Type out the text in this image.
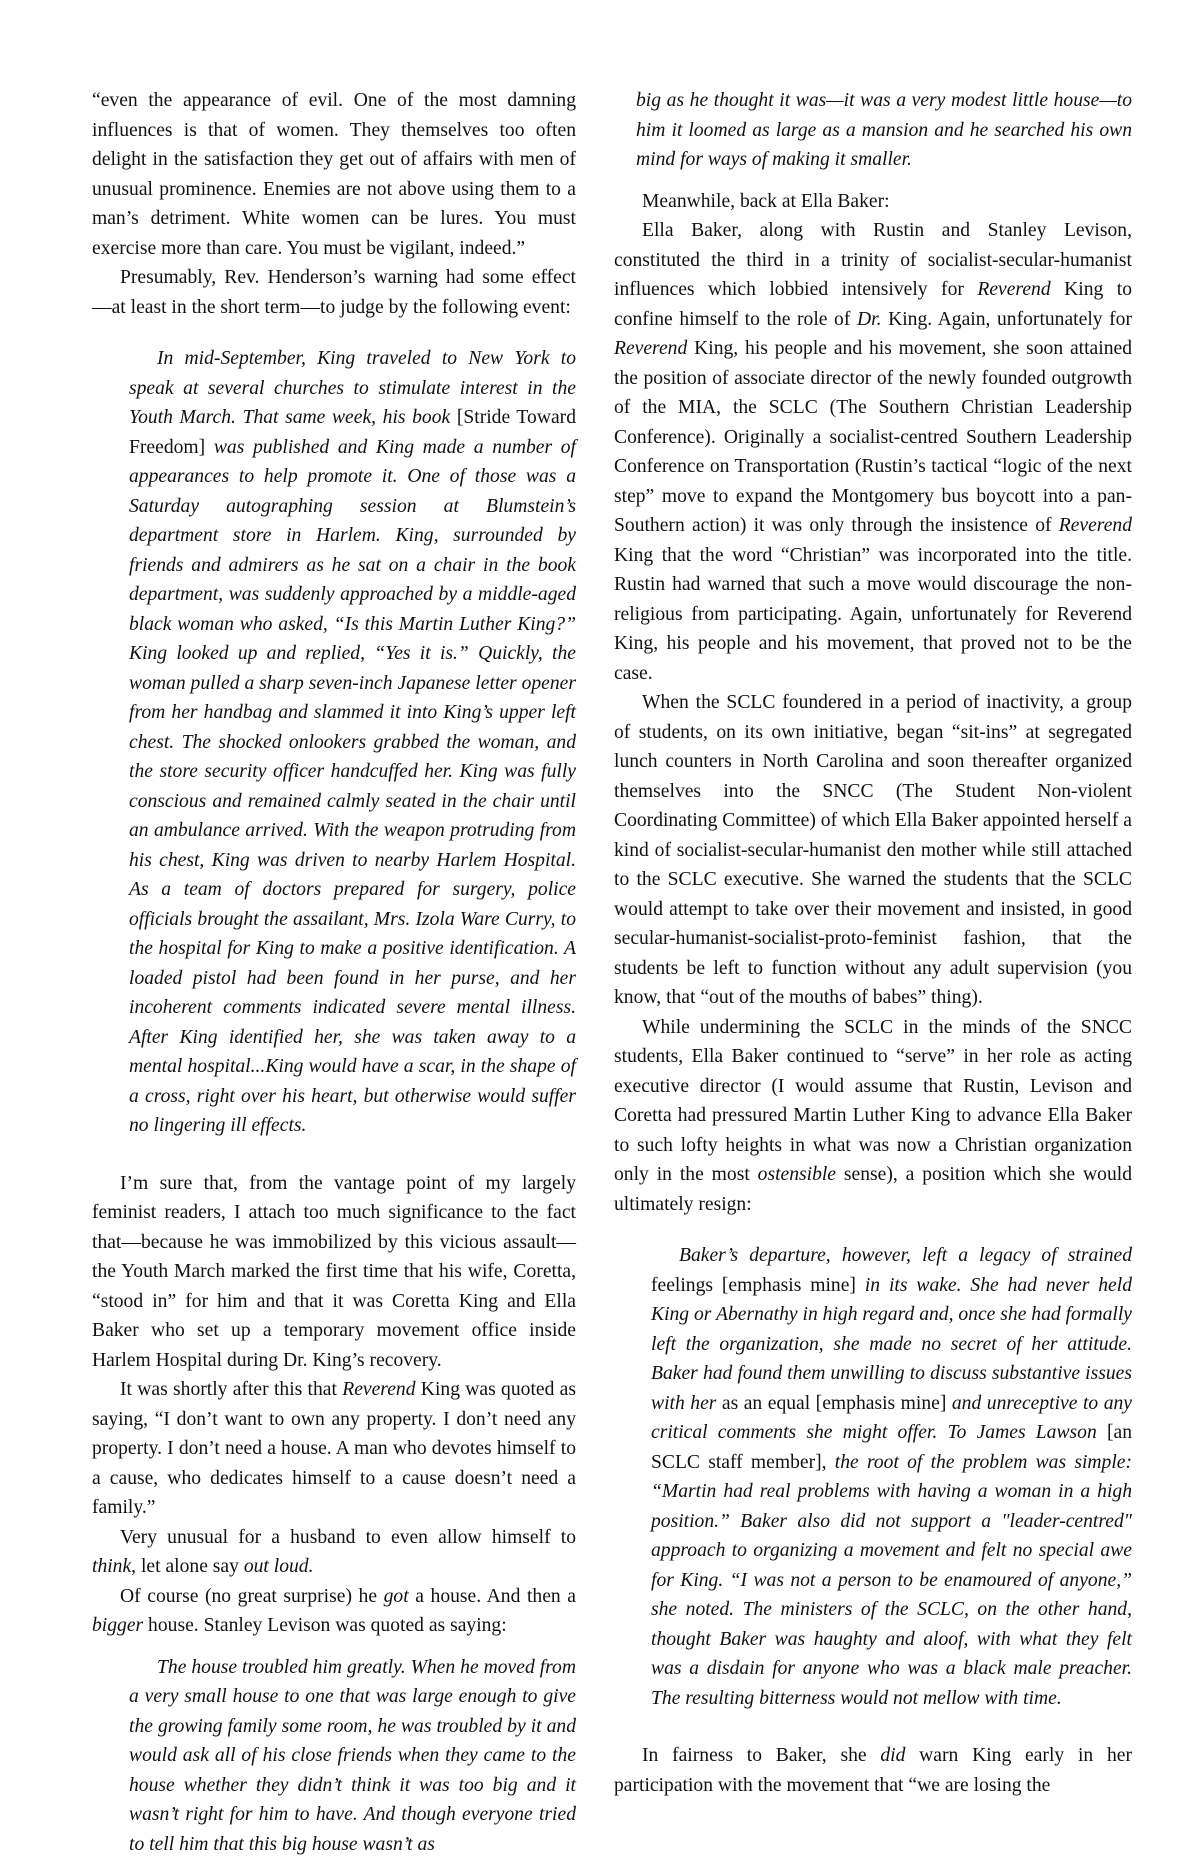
“even the appearance of evil. One of the most damning influences is that of women. They themselves too often delight in the satisfaction they get out of affairs with men of unusual prominence. Enemies are not above using them to a man’s detriment. White women can be lures. You must exercise more than care. You must be vigilant, indeed.”

Presumably, Rev. Henderson’s warning had some effect—at least in the short term—to judge by the following event:

In mid-September, King traveled to New York to speak at several churches to stimulate interest in the Youth March. That same week, his book [Stride Toward Freedom] was published and King made a number of appearances to help promote it. One of those was a Saturday autographing session at Blumstein’s department store in Harlem. King, surrounded by friends and admirers as he sat on a chair in the book department, was suddenly approached by a middle-aged black woman who asked, “Is this Martin Luther King?” King looked up and replied, “Yes it is.” Quickly, the woman pulled a sharp seven-inch Japanese letter opener from her handbag and slammed it into King’s upper left chest. The shocked onlookers grabbed the woman, and the store security officer handcuffed her. King was fully conscious and remained calmly seated in the chair until an ambulance arrived. With the weapon protruding from his chest, King was driven to nearby Harlem Hospital. As a team of doctors prepared for surgery, police officials brought the assailant, Mrs. Izola Ware Curry, to the hospital for King to make a positive identification. A loaded pistol had been found in her purse, and her incoherent comments indicated severe mental illness. After King identified her, she was taken away to a mental hospital...King would have a scar, in the shape of a cross, right over his heart, but otherwise would suffer no lingering ill effects.

I’m sure that, from the vantage point of my largely feminist readers, I attach too much significance to the fact that—because he was immobilized by this vicious assault—the Youth March marked the first time that his wife, Coretta, “stood in” for him and that it was Coretta King and Ella Baker who set up a temporary movement office inside Harlem Hospital during Dr. King’s recovery.

It was shortly after this that Reverend King was quoted as saying, “I don’t want to own any property. I don’t need any property. I don’t need a house. A man who devotes himself to a cause, who dedicates himself to a cause doesn’t need a family.”

Very unusual for a husband to even allow himself to think, let alone say out loud.

Of course (no great surprise) he got a house. And then a bigger house. Stanley Levison was quoted as saying:

The house troubled him greatly. When he moved from a very small house to one that was large enough to give the growing family some room, he was troubled by it and would ask all of his close friends when they came to the house whether they didn’t think it was too big and it wasn’t right for him to have. And though everyone tried to tell him that this big house wasn’t as

big as he thought it was—it was a very modest little house—to him it loomed as large as a mansion and he searched his own mind for ways of making it smaller.

Meanwhile, back at Ella Baker:

Ella Baker, along with Rustin and Stanley Levison, constituted the third in a trinity of socialist-secular-humanist influences which lobbied intensively for Reverend King to confine himself to the role of Dr. King. Again, unfortunately for Reverend King, his people and his movement, she soon attained the position of associate director of the newly founded outgrowth of the MIA, the SCLC (The Southern Christian Leadership Conference). Originally a socialist-centred Southern Leadership Conference on Transportation (Rustin’s tactical “logic of the next step” move to expand the Montgomery bus boycott into a pan-Southern action) it was only through the insistence of Reverend King that the word “Christian” was incorporated into the title. Rustin had warned that such a move would discourage the non-religious from participating. Again, unfortunately for Reverend King, his people and his movement, that proved not to be the case.

When the SCLC foundered in a period of inactivity, a group of students, on its own initiative, began “sit-ins” at segregated lunch counters in North Carolina and soon thereafter organized themselves into the SNCC (The Student Non-violent Coordinating Committee) of which Ella Baker appointed herself a kind of socialist-secular-humanist den mother while still attached to the SCLC executive. She warned the students that the SCLC would attempt to take over their movement and insisted, in good secular-humanist-socialist-proto-feminist fashion, that the students be left to function without any adult supervision (you know, that “out of the mouths of babes” thing).

While undermining the SCLC in the minds of the SNCC students, Ella Baker continued to “serve” in her role as acting executive director (I would assume that Rustin, Levison and Coretta had pressured Martin Luther King to advance Ella Baker to such lofty heights in what was now a Christian organization only in the most ostensible sense), a position which she would ultimately resign:

Baker’s departure, however, left a legacy of strained feelings [emphasis mine] in its wake. She had never held King or Abernathy in high regard and, once she had formally left the organization, she made no secret of her attitude. Baker had found them unwilling to discuss substantive issues with her as an equal [emphasis mine] and unreceptive to any critical comments she might offer. To James Lawson [an SCLC staff member], the root of the problem was simple: “Martin had real problems with having a woman in a high position.” Baker also did not support a "leader-centred" approach to organizing a movement and felt no special awe for King. “I was not a person to be enamoured of anyone,” she noted. The ministers of the SCLC, on the other hand, thought Baker was haughty and aloof, with what they felt was a disdain for anyone who was a black male preacher. The resulting bitterness would not mellow with time.

In fairness to Baker, she did warn King early in her participation with the movement that “we are losing the
